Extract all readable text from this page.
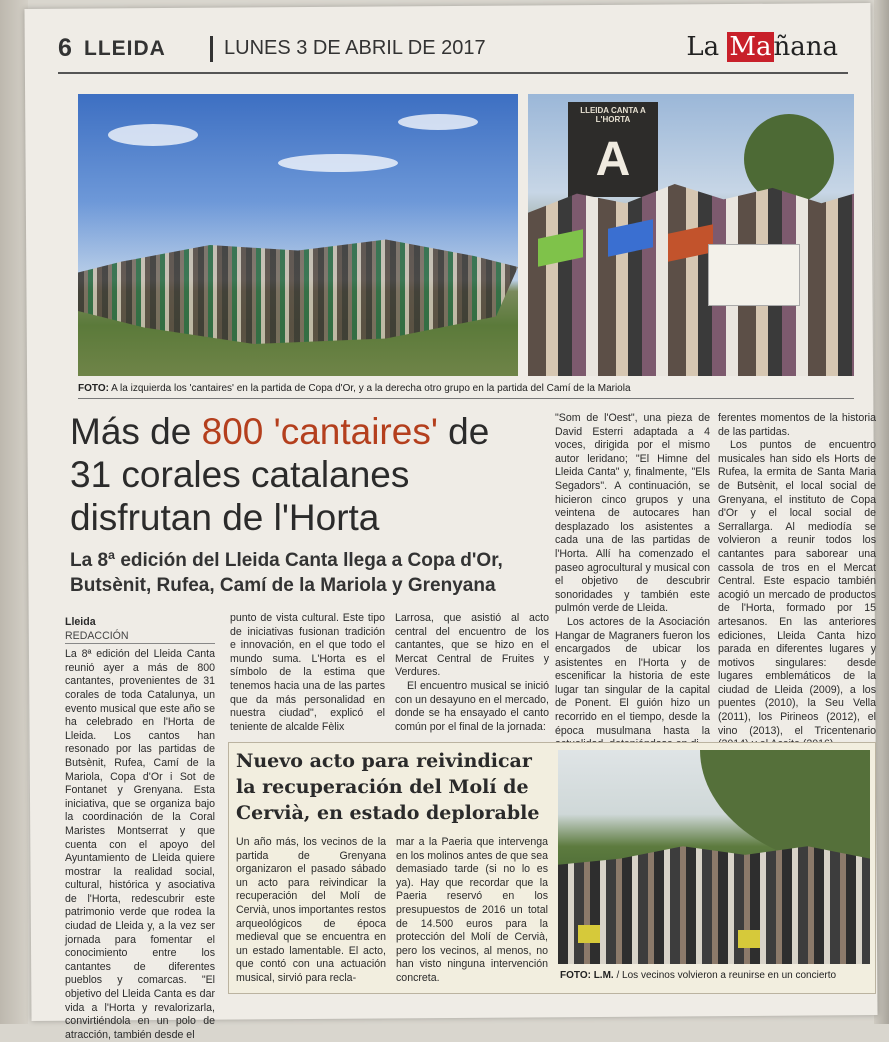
6 LLEIDA	LUNES 3 DE ABRIL DE 2017	La Mañana
LLEIDA CANTA A L'HORTA
A
FOTO: A la izquierda los 'cantaires' en la partida de Copa d'Or, y a la derecha otro grupo en la partida del Camí de la Mariola
Más de 800 'cantaires' de 31 corales catalanes disfrutan de l'Horta
La 8ª edición del Lleida Canta llega a Copa d'Or, Butsènit, Rufea, Camí de la Mariola y Grenyana
Lleida
REDACCIÓN

La 8ª edición del Lleida Canta reunió ayer a más de 800 cantantes, provenientes de 31 corales de toda Catalunya, un evento musical que este año se ha celebrado en l'Horta de Lleida. Los cantos han resonado por las partidas de Butsènit, Rufea, Camí de la Mariola, Copa d'Or i Sot de Fontanet y Grenyana. Esta iniciativa, que se organiza bajo la coordinación de la Coral Maristes Montserrat y que cuenta con el apoyo del Ayuntamiento de Lleida quiere mostrar la realidad social, cultural, histórica y asociativa de l'Horta, redescubrir este patrimonio verde que rodea la ciudad de Lleida y, a la vez ser jornada para fomentar el conocimiento entre los cantantes de diferentes pueblos y comarcas. "El objetivo del Lleida Canta es dar vida a l'Horta y revalorizarla, convirtiéndola en un polo de atracción, también desde el

punto de vista cultural. Este tipo de iniciativas fusionan tradición e innovación, en el que todo el mundo suma. L'Horta es el símbolo de la estima que tenemos hacia una de las partes que da más personalidad en nuestra ciudad", explicó el teniente de alcalde Fèlix

Larrosa, que asistió al acto central del encuentro de los cantantes, que se hizo en el Mercat Central de Fruites y Verdures.

El encuentro musical se inició con un desayuno en el mercado, donde se ha ensayado el canto común por el final de la jornada:

"Som de l'Oest", una pieza de David Esterri adaptada a 4 voces, dirigida por el mismo autor leridano; "El Himne del Lleida Canta" y, finalmente, "Els Segadors". A continuación, se hicieron cinco grupos y una veintena de autocares han desplazado los asistentes a cada una de las partidas de l'Horta. Allí ha comenzado el paseo agrocultural y musical con el objetivo de descubrir sonoridades y también este pulmón verde de Lleida.

Los actores de la Asociación Hangar de Magraners fueron los encargados de ubicar los asistentes en l'Horta y de escenificar la historia de este lugar tan singular de la capital de Ponent. El guión hizo un recorrido en el tiempo, desde la época musulmana hasta la

ferentes momentos de la historia de las partidas.

Los puntos de encuentro musicales han sido els Horts de Rufea, la ermita de Santa Maria de Butsènit, el local social de Grenyana, el instituto de Copa d'Or y el local social de Serrallarga. Al mediodía se volvieron a reunir todos los cantantes para saborear una cassola de tros en el Mercat Central. Este espacio también acogió un mercado de productos de l'Horta, formado por 15 artesanos. En las anteriores ediciones, Lleida Canta hizo parada en diferentes lugares y motivos singulares: desde lugares emblemáticos de la ciudad de Lleida (2009), a los puentes (2010), la Seu Vella (2011), los Pirineos (2012), el vino (2013), el Tricentenario

Nuevo acto para reivindicar la recuperación del Molí de Cervià, en estado deplorable

Un año más, los vecinos de la partida de Grenyana organizaron el pasado sábado un acto para reivindicar la recuperación del Molí de Cervià, unos importantes restos arqueológicos de época medieval que se encuentra en un estado lamentable. El acto, que contó con una actuación musical, sirvió para recla-

mar a la Paeria que intervenga en los molinos antes de que sea demasiado tarde (si no lo es ya). Hay que recordar que la Paeria reservó en los presupuestos de 2016 un total de 14.500 euros para la protección del Molí de Cervià, pero los vecinos, al menos, no han visto ninguna intervención concreta.	FOTO: L.M. / Los vecinos volvieron a reunirse en un concierto
